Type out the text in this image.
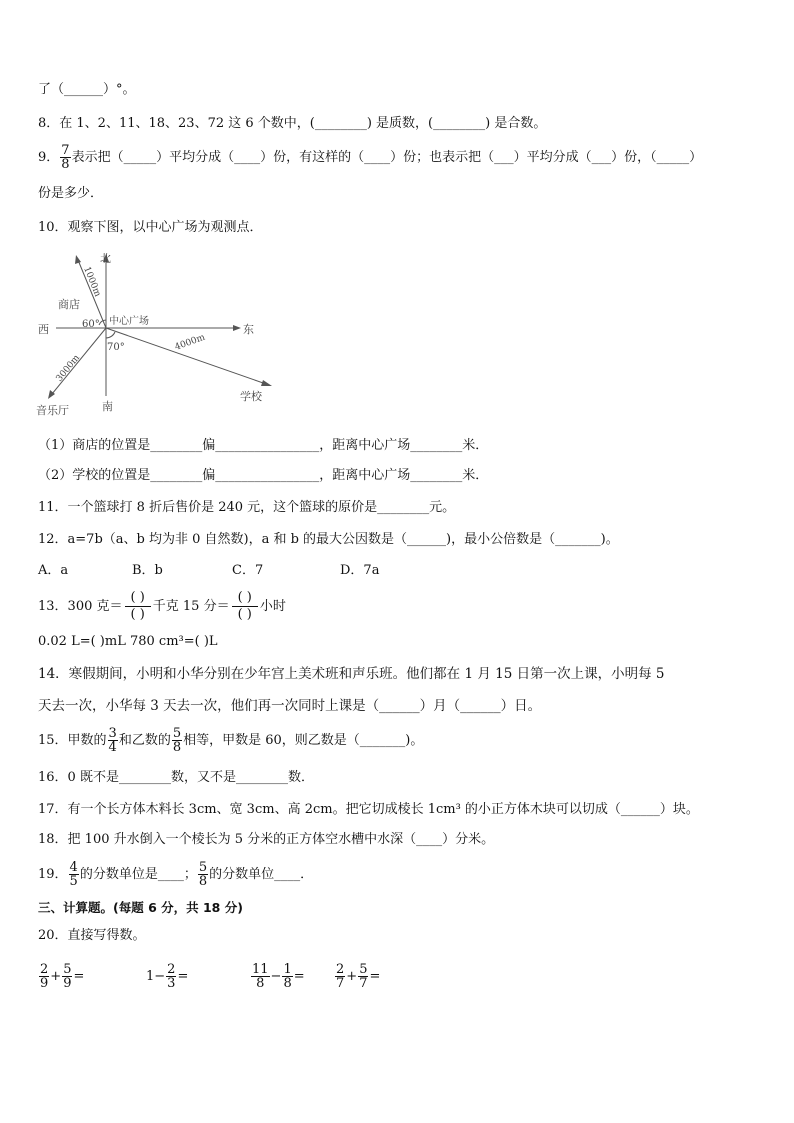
了（______）°。
8．在 1、2、11、18、23、72 这 6 个数中，(________) 是质数，(________) 是合数。
9． $\frac{7}{8}$ 表示把（_____）平均分成（____）份，有这样的（____）份；也表示把（___）平均分成（___）份，（_____）
份是多少．
10．观察下图，以中心广场为观测点．
北
南
东
西
中心广场
商店
学校
音乐厅
1000m
4000m
3000m
60°
70°
（1）商店的位置是________偏________________，距离中心广场________米．
（2）学校的位置是________偏________________，距离中心广场________米．
11．一个篮球打 8 折后售价是 240 元，这个篮球的原价是________元。
12．a=7b（a、b 均为非 0 自然数)，a 和 b 的最大公因数是（______)，最小公倍数是（_______)。
A．a	B．b	C．7	D．7a
13．300 克＝
( )
( )
千克 15 分＝
( )
( )
小时
0.02 L=( )mL 780 cm³=( )L
14．寒假期间，小明和小华分别在少年宫上美术班和声乐班。他们都在 1 月 15 日第一次上课，小明每 5
天去一次，小华每 3 天去一次，他们再一次同时上课是（______）月（______）日。
15．甲数的 $\frac{3}{4}$ 和乙数的 $\frac{5}{8}$ 相等，甲数是 60，则乙数是（_______)。
16．0 既不是________数，又不是________数．
17．有一个长方体木料长 3cm、宽 3cm、高 2cm。把它切成棱长 1cm³ 的小正方体木块可以切成（______）块。
18．把 100 升水倒入一个棱长为 5 分米的正方体空水槽中水深（____）分米。
19． $\frac{4}{5}$ 的分数单位是____； $\frac{5}{8}$ 的分数单位____．
三、计算题。(每题 6 分，共 18 分)
20．直接写得数。
$\frac{2}{9} + \frac{5}{9}$ =	$1- \frac{2}{3}$ =	$\frac{11}{8} - \frac{1}{8} = \frac{2}{7} + \frac{5}{7}$ =
